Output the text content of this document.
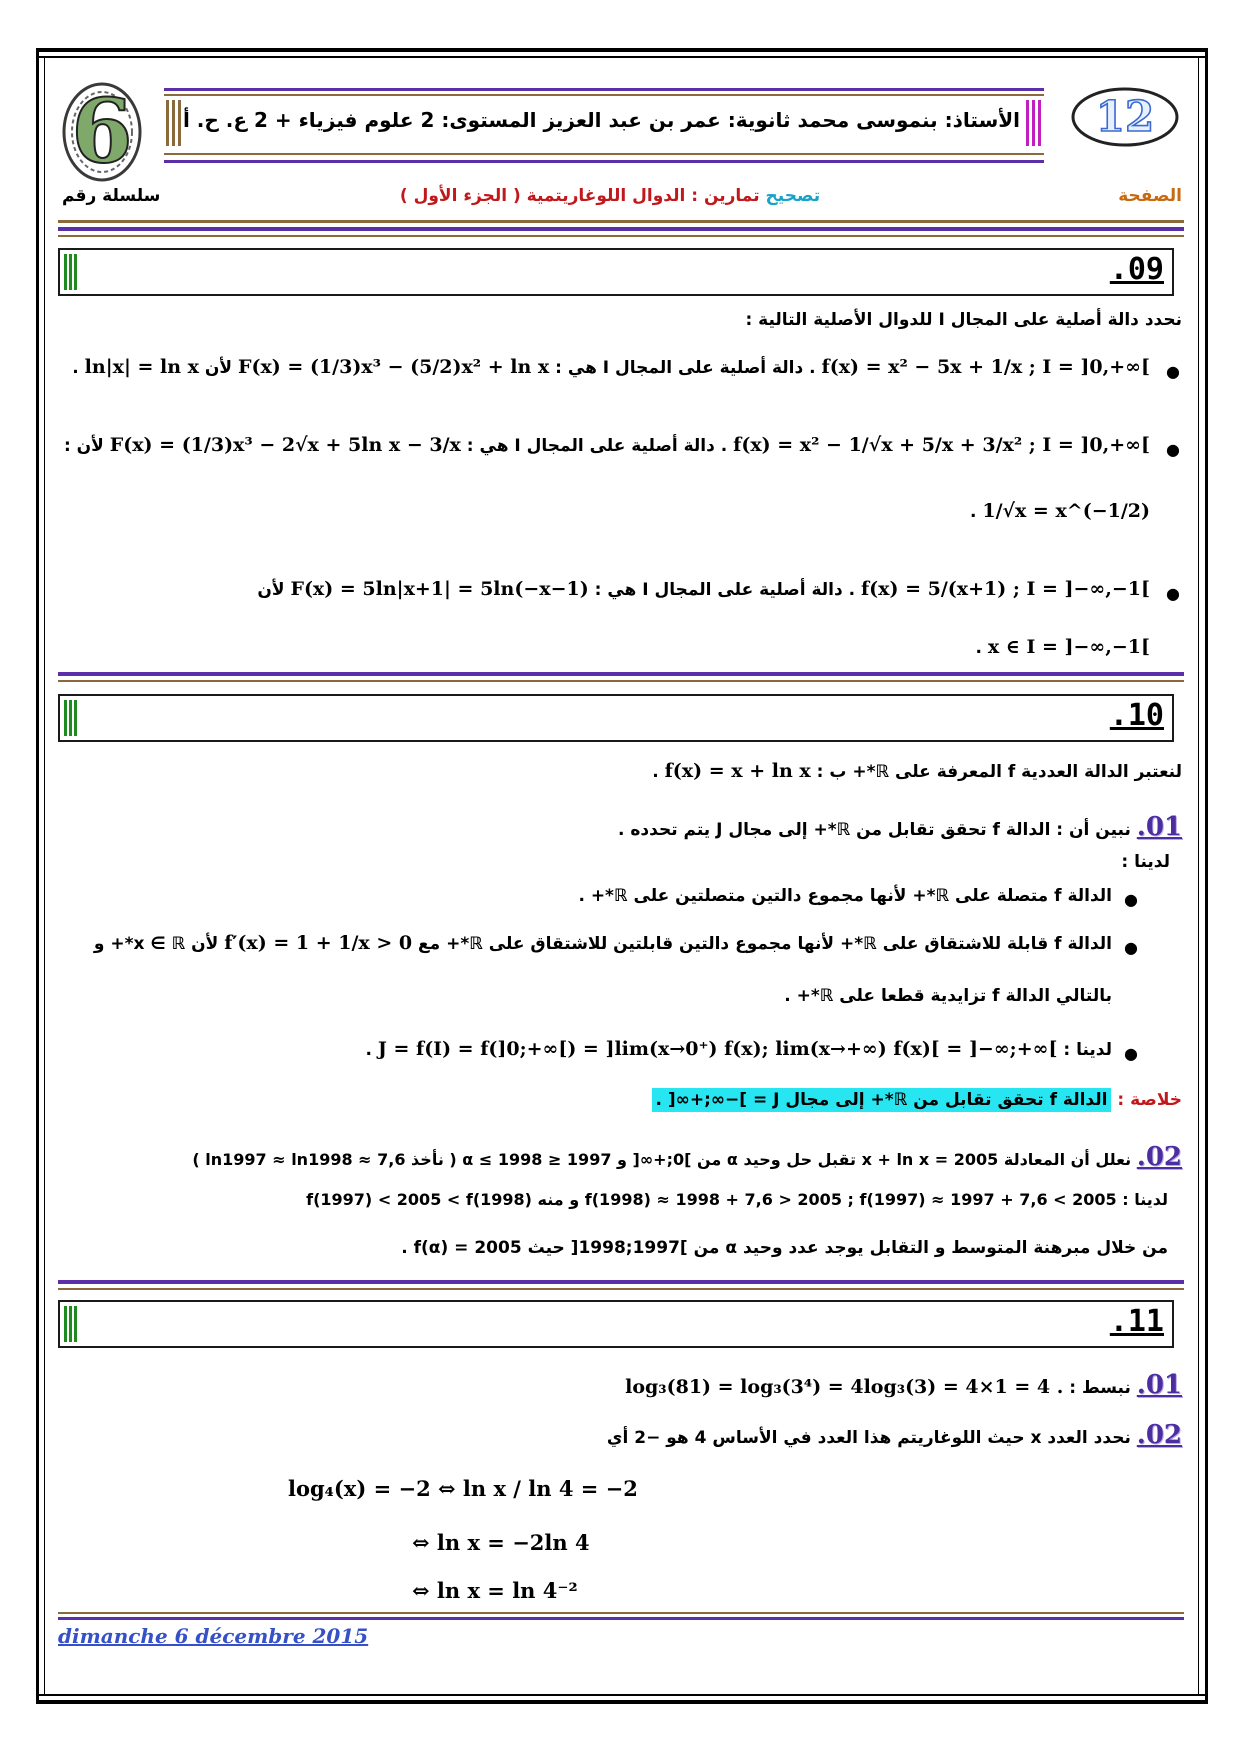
6	12
الأستاذ: بنموسى محمد ثانوية: عمر بن عبد العزيز المستوى: 2 علوم فيزياء + 2 ع. ح. أ
الصفحة
تصحيح تمارين : الدوال اللوغاريتمية ( الجزء الأول )
سلسلة رقم
.09
نحدد دالة أصلية على المجال I للدوال الأصلية التالية :
●
f(x) = x² − 5x + 1/x ; I = ]0,+∞[ . دالة أصلية على المجال I هي : F(x) = (1/3)x³ − (5/2)x² + ln x لأن ln|x| = ln x .
●
f(x) = x² − 1/√x + 5/x + 3/x² ; I = ]0,+∞[ . دالة أصلية على المجال I هي : F(x) = (1/3)x³ − 2√x + 5ln x − 3/x لأن :
1/√x = x^(−1/2) .
●
f(x) = 5/(x+1) ; I = ]−∞,−1[ . دالة أصلية على المجال I هي : F(x) = 5ln|x+1| = 5ln(−x−1) لأن
x ∈ I = ]−∞,−1[ .
.10
لنعتبر الدالة العددية f المعرفة على ℝ*+ ب : f(x) = x + ln x .
.01 نبين أن : الدالة f تحقق تقابل من ℝ*+ إلى مجال J يتم تحدده .
لدينا :
●
الدالة f متصلة على ℝ*+ لأنها مجموع دالتين متصلتين على ℝ*+ .
●
الدالة f قابلة للاشتقاق على ℝ*+ لأنها مجموع دالتين قابلتين للاشتقاق على ℝ*+ مع f′(x) = 1 + 1/x > 0 لأن x ∈ ℝ*+ و
بالتالي الدالة f تزايدية قطعا على ℝ*+ .
●
لدينا : J = f(I) = f(]0;+∞[) = ]lim(x→0⁺) f(x); lim(x→+∞) f(x)[ = ]−∞;+∞[ .
خلاصة : الدالة f تحقق تقابل من ℝ*+ إلى مجال J = ]−∞;+∞[ .
.02 نعلل أن المعادلة x + ln x = 2005 تقبل حل وحيد α من ]0;+∞[ و 1997 ≤ α ≤ 1998 ( نأخذ ln1997 ≈ ln1998 ≈ 7,6 )
لدينا : f(1998) ≈ 1998 + 7,6 > 2005 ; f(1997) ≈ 1997 + 7,6 < 2005 و منه f(1997) < 2005 < f(1998)
من خلال مبرهنة المتوسط و التقابل يوجد عدد وحيد α من ]1997;1998[ حيث f(α) = 2005 .
.11
.01 نبسط : log₃(81) = log₃(3⁴) = 4log₃(3) = 4×1 = 4 .
.02 نحدد العدد x حيث اللوغاريتم هذا العدد في الأساس 4 هو −2 أي
log₄(x) = −2 ⇔ ln x / ln 4 = −2
⇔ ln x = −2ln 4
⇔ ln x = ln 4⁻²
dimanche 6 décembre 2015
